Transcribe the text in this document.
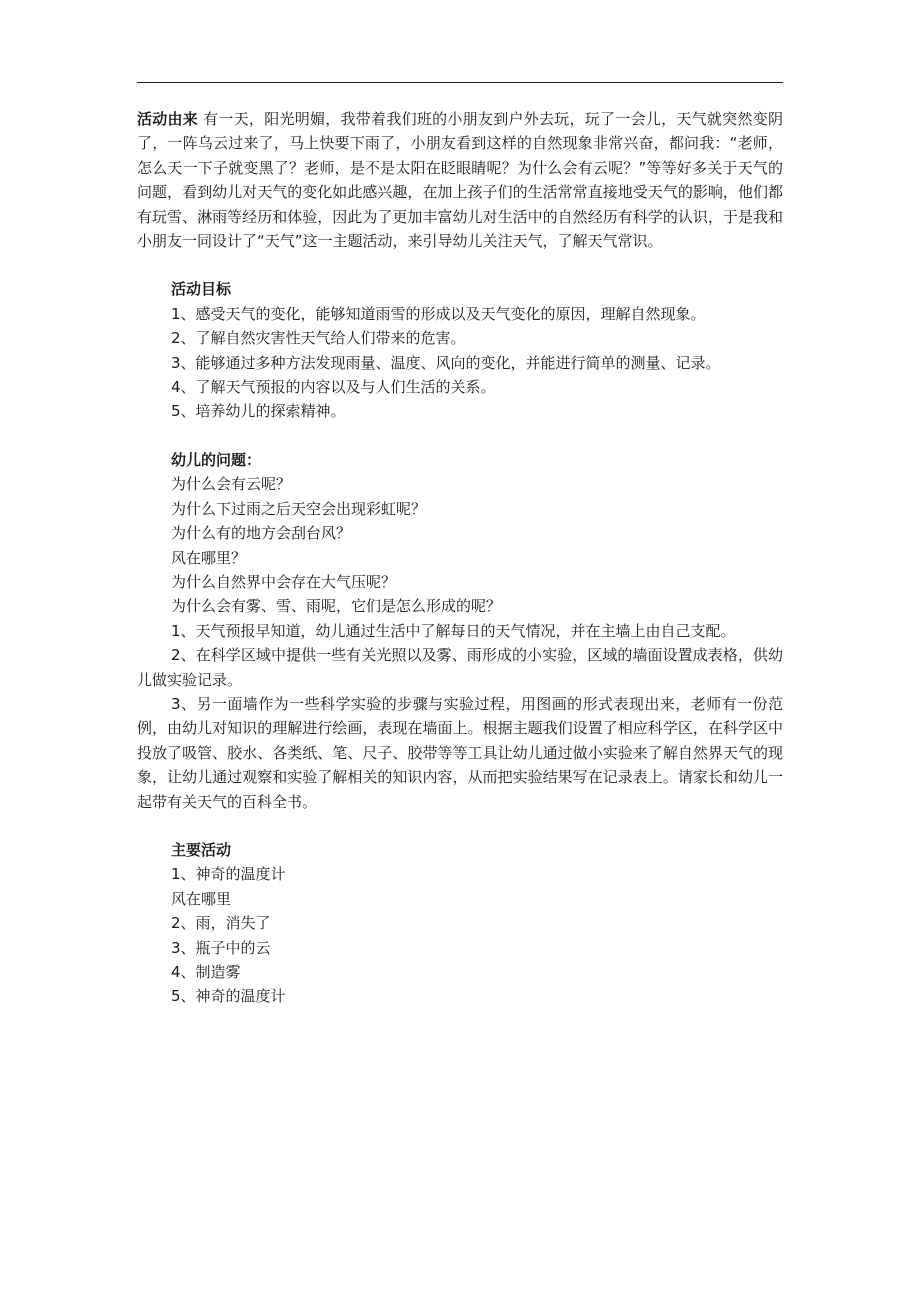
活动由来 有一天，阳光明媚，我带着我们班的小朋友到户外去玩，玩了一会儿，天气就突然变阴了，一阵乌云过来了，马上快要下雨了，小朋友看到这样的自然现象非常兴奋，都问我：“老师，怎么天一下子就变黑了？老师，是不是太阳在眨眼睛呢？为什么会有云呢？”等等好多关于天气的问题，看到幼儿对天气的变化如此感兴趣，在加上孩子们的生活常常直接地受天气的影响，他们都有玩雪、淋雨等经历和体验，因此为了更加丰富幼儿对生活中的自然经历有科学的认识，于是我和小朋友一同设计了“天气”这一主题活动，来引导幼儿关注天气，了解天气常识。

活动目标
1、感受天气的变化，能够知道雨雪的形成以及天气变化的原因，理解自然现象。
2、了解自然灾害性天气给人们带来的危害。
3、能够通过多种方法发现雨量、温度、风向的变化，并能进行简单的测量、记录。
4、了解天气预报的内容以及与人们生活的关系。
5、培养幼儿的探索精神。
幼儿的问题：
为什么会有云呢？
为什么下过雨之后天空会出现彩虹呢？
为什么有的地方会刮台风？
风在哪里？
为什么自然界中会存在大气压呢？
为什么会有雾、雪、雨呢，它们是怎么形成的呢？
1、天气预报早知道，幼儿通过生活中了解每日的天气情况，并在主墙上由自己支配。
2、在科学区域中提供一些有关光照以及雾、雨形成的小实验，区域的墙面设置成表格，供幼儿做实验记录。
3、另一面墙作为一些科学实验的步骤与实验过程，用图画的形式表现出来，老师有一份范例，由幼儿对知识的理解进行绘画，表现在墙面上。根据主题我们设置了相应科学区，在科学区中投放了吸管、胶水、各类纸、笔、尺子、胶带等等工具让幼儿通过做小实验来了解自然界天气的现象，让幼儿通过观察和实验了解相关的知识内容，从而把实验结果写在记录表上。请家长和幼儿一起带有关天气的百科全书。
主要活动
1、神奇的温度计
风在哪里
2、雨，消失了
3、瓶子中的云
4、制造雾
5、神奇的温度计
